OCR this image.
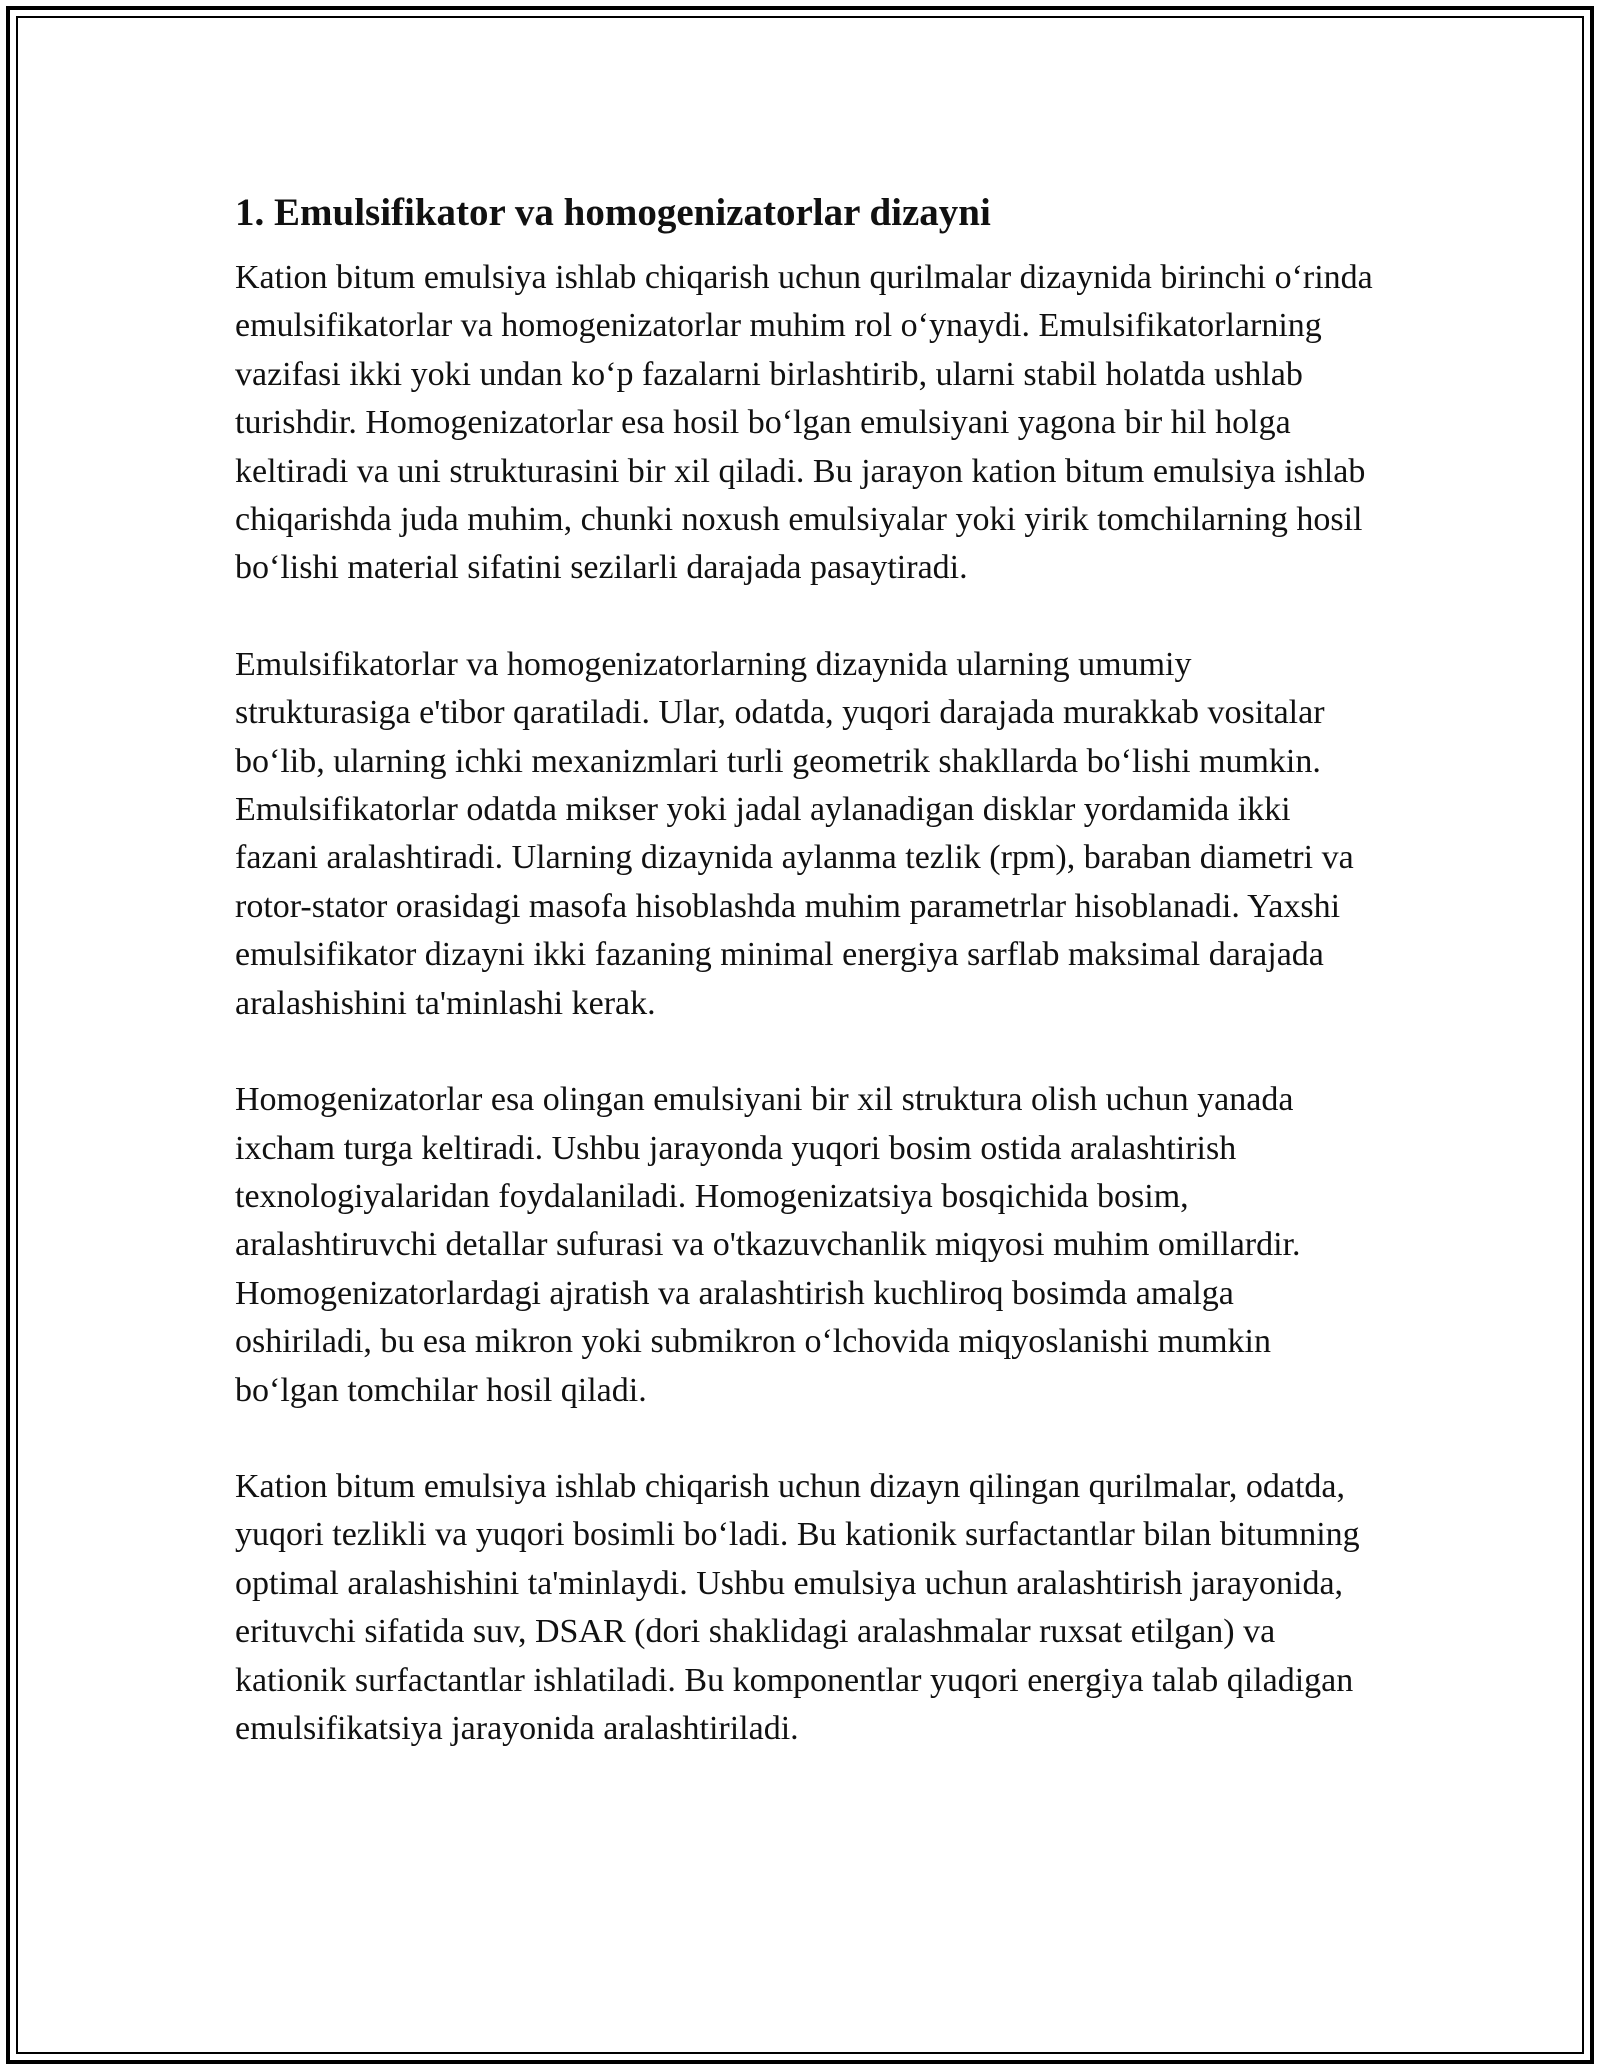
1. Emulsifikator va homogenizatorlar dizayni

Kation bitum emulsiya ishlab chiqarish uchun qurilmalar dizaynida birinchi o‘rinda emulsifikatorlar va homogenizatorlar muhim rol o‘ynaydi. Emulsifikatorlarning vazifasi ikki yoki undan ko‘p fazalarni birlashtirib, ularni stabil holatda ushlab turishdir. Homogenizatorlar esa hosil bo‘lgan emulsiyani yagona bir hil holga keltiradi va uni strukturasini bir xil qiladi. Bu jarayon kation bitum emulsiya ishlab chiqarishda juda muhim, chunki noxush emulsiyalar yoki yirik tomchilarning hosil bo‘lishi material sifatini sezilarli darajada pasaytiradi.

Emulsifikatorlar va homogenizatorlarning dizaynida ularning umumiy strukturasiga e'tibor qaratiladi. Ular, odatda, yuqori darajada murakkab vositalar bo‘lib, ularning ichki mexanizmlari turli geometrik shakllarda bo‘lishi mumkin. Emulsifikatorlar odatda mikser yoki jadal aylanadigan disklar yordamida ikki fazani aralashtiradi. Ularning dizaynida aylanma tezlik (rpm), baraban diametri va rotor-stator orasidagi masofa hisoblashda muhim parametrlar hisoblanadi. Yaxshi emulsifikator dizayni ikki fazaning minimal energiya sarflab maksimal darajada aralashishini ta'minlashi kerak.

Homogenizatorlar esa olingan emulsiyani bir xil struktura olish uchun yanada ixcham turga keltiradi. Ushbu jarayonda yuqori bosim ostida aralashtirish texnologiyalaridan foydalaniladi. Homogenizatsiya bosqichida bosim, aralashtiruvchi detallar sufurasi va o'tkazuvchanlik miqyosi muhim omillardir. Homogenizatorlardagi ajratish va aralashtirish kuchliroq bosimda amalga oshiriladi, bu esa mikron yoki submikron o‘lchovida miqyoslanishi mumkin bo‘lgan tomchilar hosil qiladi.

Kation bitum emulsiya ishlab chiqarish uchun dizayn qilingan qurilmalar, odatda, yuqori tezlikli va yuqori bosimli bo‘ladi. Bu kationik surfactantlar bilan bitumning optimal aralashishini ta'minlaydi. Ushbu emulsiya uchun aralashtirish jarayonida, erituvchi sifatida suv, DSAR (dori shaklidagi aralashmalar ruxsat etilgan) va kationik surfactantlar ishlatiladi. Bu komponentlar yuqori energiya talab qiladigan emulsifikatsiya jarayonida aralashtiriladi.
